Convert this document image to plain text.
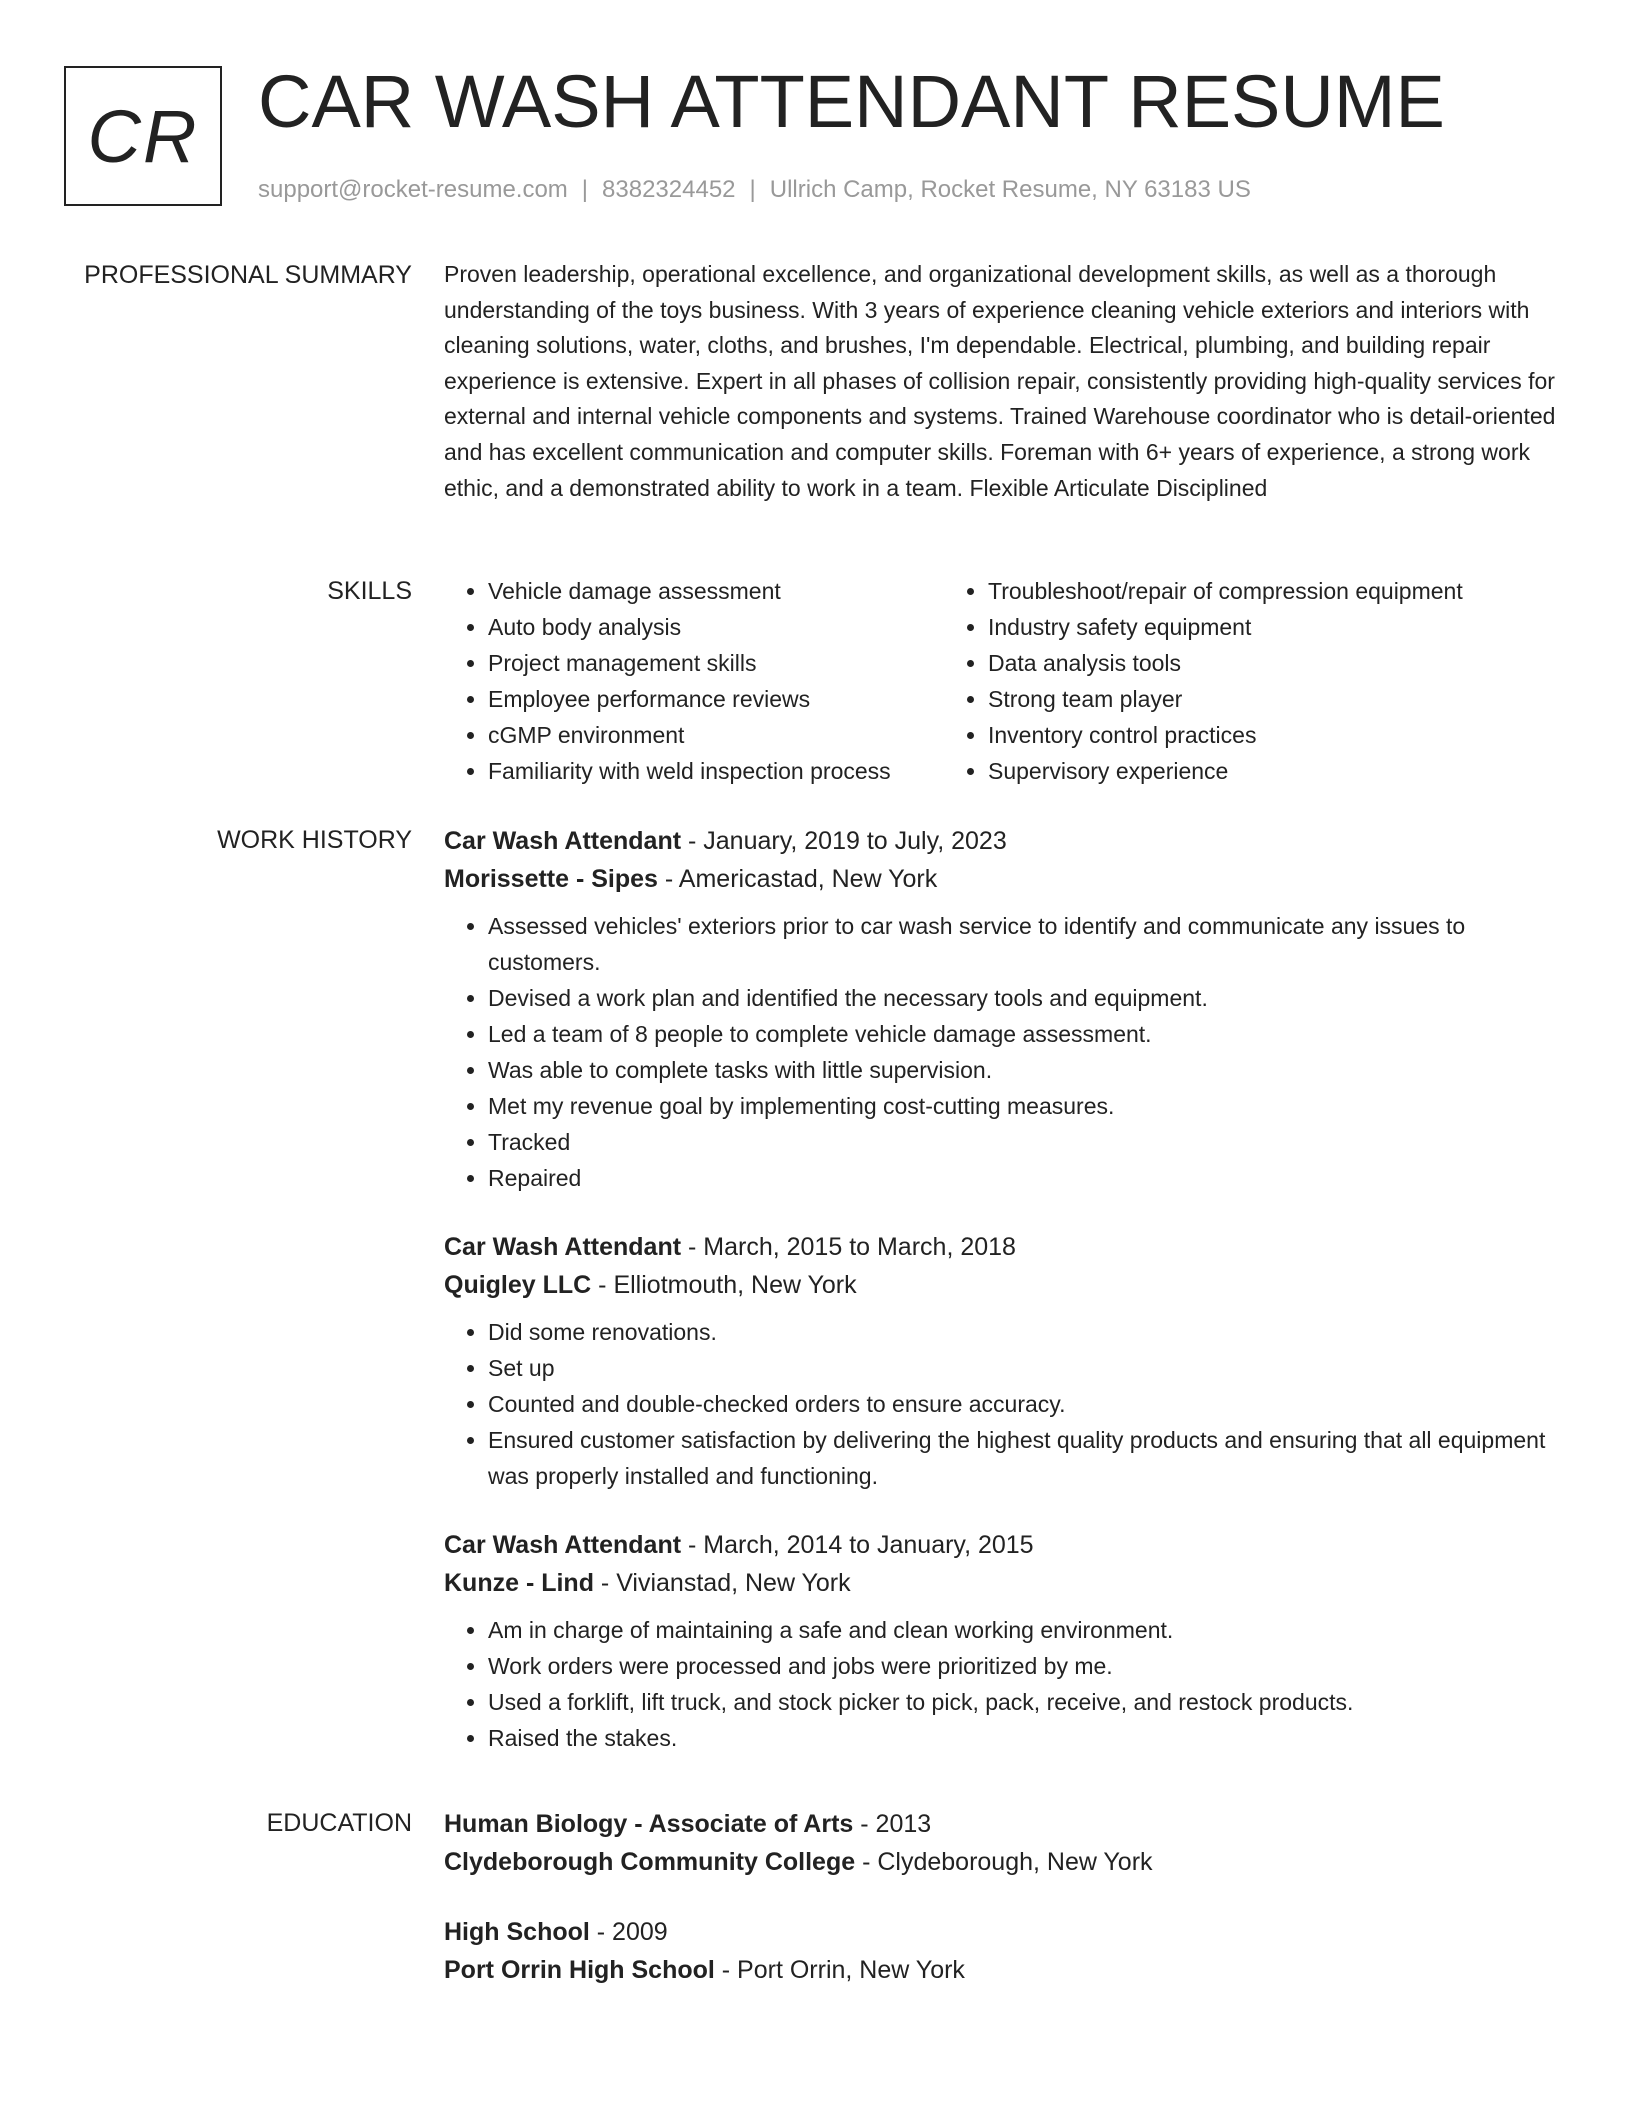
CR CAR WASH ATTENDANT RESUME
support@rocket-resume.com | 8382324452 | Ullrich Camp, Rocket Resume, NY 63183 US
PROFESSIONAL SUMMARY Proven leadership, operational excellence, and organizational development skills, as well as a thorough understanding of the toys business. With 3 years of experience cleaning vehicle exteriors and interiors with cleaning solutions, water, cloths, and brushes, I'm dependable. Electrical, plumbing, and building repair experience is extensive. Expert in all phases of collision repair, consistently providing high-quality services for external and internal vehicle components and systems. Trained Warehouse coordinator who is detail-oriented and has excellent communication and computer skills. Foreman with 6+ years of experience, a strong work ethic, and a demonstrated ability to work in a team. Flexible Articulate Disciplined

SKILLS
•	Vehicle damage assessment
• Auto body analysis
• Project management skills
• Employee performance reviews
• cGMP environment
• Familiarity with weld inspection process
• Troubleshoot/repair of compression equipment
• Industry safety equipment
• Data analysis tools
• Strong team player
• Inventory control practices
• Supervisory experience
WORK HISTORY Car Wash Attendant - January, 2019 to July, 2023
Morissette - Sipes - Americastad, New York
• Assessed vehicles' exteriors prior to car wash service to identify and communicate any issues to customers.
• Devised a work plan and identified the necessary tools and equipment.
• Led a team of 8 people to complete vehicle damage assessment.
• Was able to complete tasks with little supervision.
• Met my revenue goal by implementing cost-cutting measures.
• Tracked
• Repaired
Car Wash Attendant - March, 2015 to March, 2018
Quigley LLC - Elliotmouth, New York
• Did some renovations.
• Set up
• Counted and double-checked orders to ensure accuracy.
• Ensured customer satisfaction by delivering the highest quality products and ensuring that all equipment was properly installed and functioning.
Car Wash Attendant - March, 2014 to January, 2015
Kunze - Lind - Vivianstad, New York
• Am in charge of maintaining a safe and clean working environment.
• Work orders were processed and jobs were prioritized by me.
• Used a forklift, lift truck, and stock picker to pick, pack, receive, and restock products.
• Raised the stakes.
EDUCATION Human Biology - Associate of Arts - 2013
Clydeborough Community College - Clydeborough, New York
High School - 2009
Port Orrin High School - Port Orrin, New York
